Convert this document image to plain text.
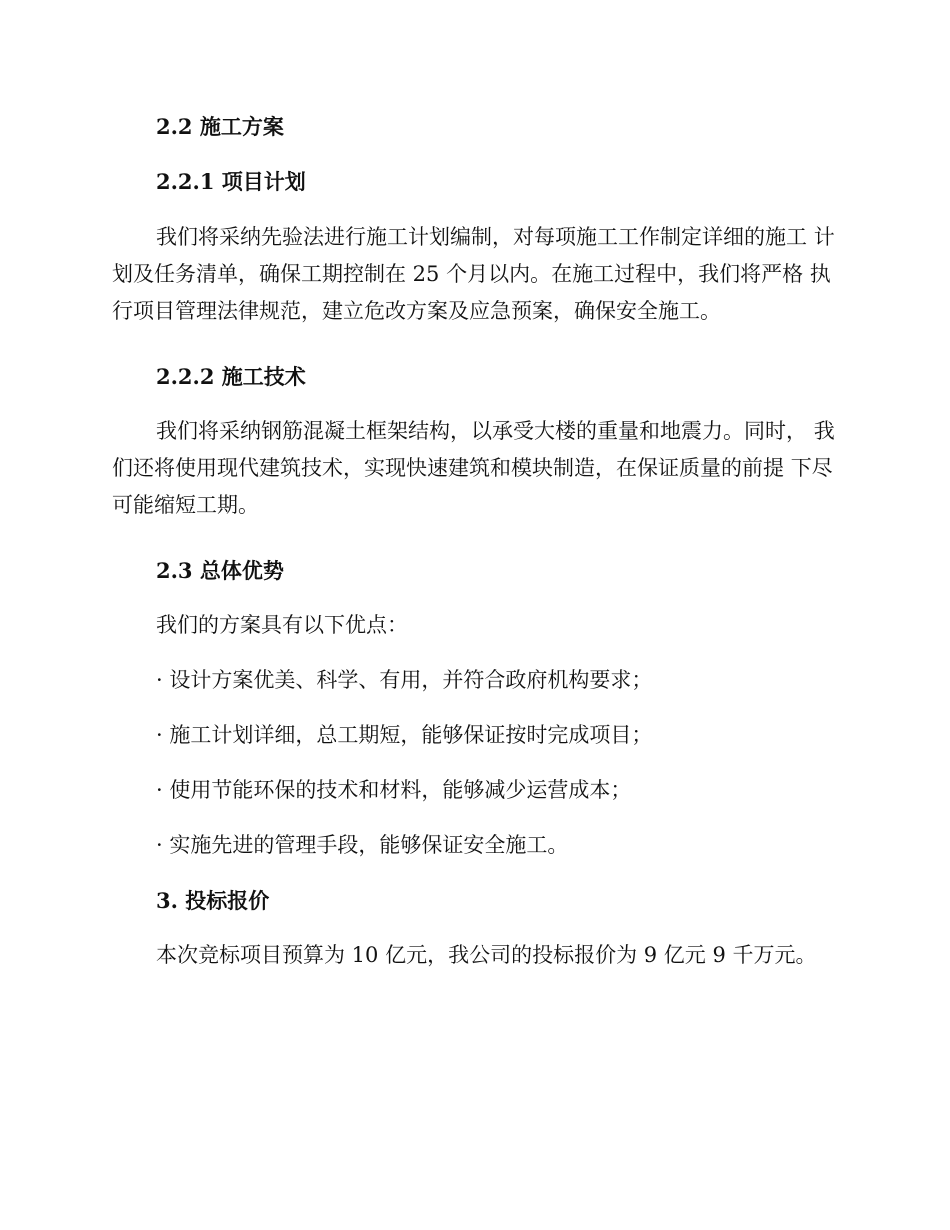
2.2 施工方案
2.2.1 项目计划
我们将采纳先验法进行施工计划编制，对每项施工工作制定详细的施工 计划及任务清单，确保工期控制在 25 个月以内。在施工过程中，我们将严格 执行项目管理法律规范，建立危改方案及应急预案，确保安全施工。
2.2.2 施工技术
我们将采纳钢筋混凝土框架结构，以承受大楼的重量和地震力。同时， 我们还将使用现代建筑技术，实现快速建筑和模块制造，在保证质量的前提 下尽可能缩短工期。
2.3 总体优势

我们的方案具有以下优点：

· 设计方案优美、科学、有用，并符合政府机构要求；

· 施工计划详细，总工期短，能够保证按时完成项目；

· 使用节能环保的技术和材料，能够减少运营成本；

· 实施先进的管理手段，能够保证安全施工。

3. 投标报价

本次竞标项目预算为 10 亿元，我公司的投标报价为 9 亿元 9 千万元。
